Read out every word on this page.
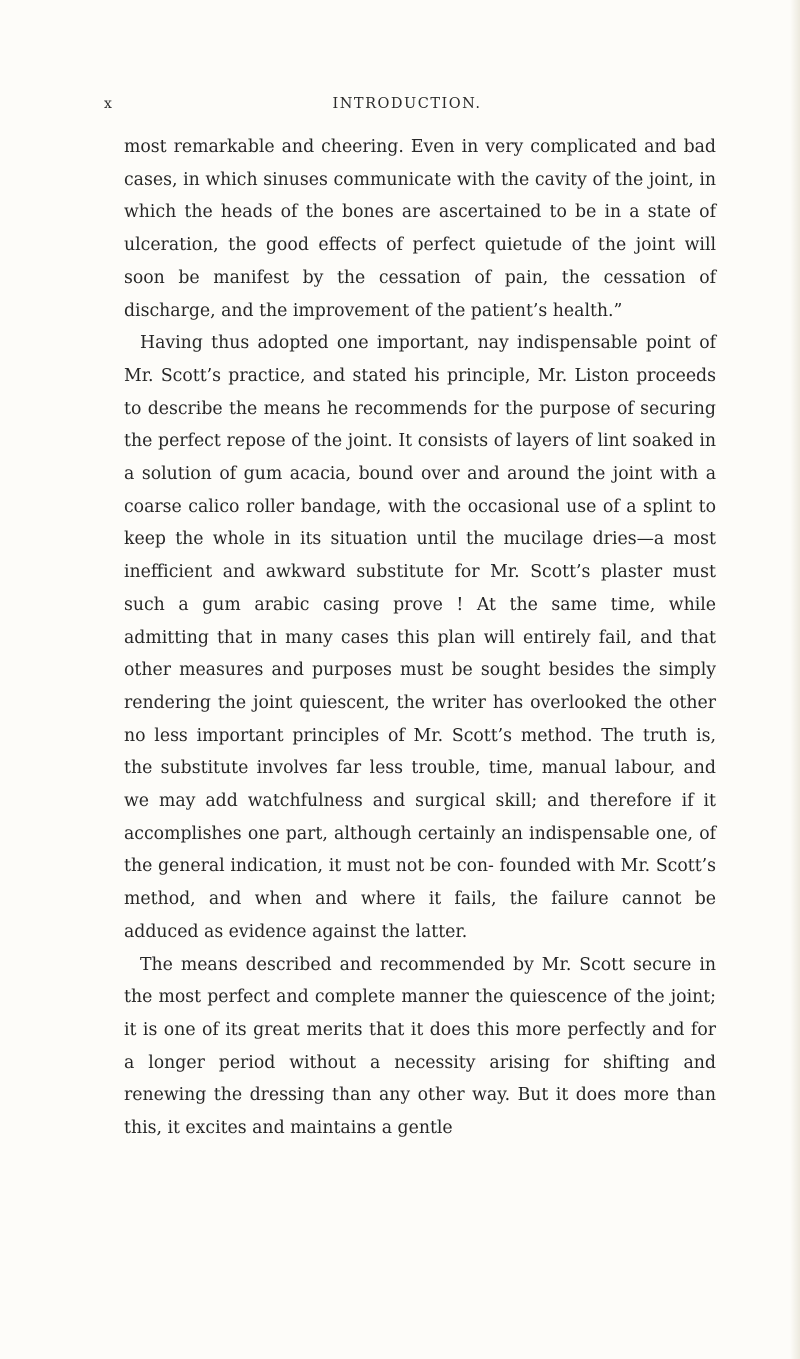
x	INTRODUCTION.

most remarkable and cheering. Even in very complicated and bad cases, in which sinuses communicate with the cavity of the joint, in which the heads of the bones are ascertained to be in a state of ulceration, the good effects of perfect quietude of the joint will soon be manifest by the cessation of pain, the cessation of discharge, and the improvement of the patient’s health.”

Having thus adopted one important, nay indispensable point of Mr. Scott’s practice, and stated his principle, Mr. Liston proceeds to describe the means he recommends for the purpose of securing the perfect repose of the joint. It consists of layers of lint soaked in a solution of gum acacia, bound over and around the joint with a coarse calico roller bandage, with the occasional use of a splint to keep the whole in its situation until the mucilage dries—a most inefficient and awkward substitute for Mr. Scott’s plaster must such a gum arabic casing prove ! At the same time, while admitting that in many cases this plan will entirely fail, and that other measures and purposes must be sought besides the simply rendering the joint quiescent, the writer has overlooked the other no less important principles of Mr. Scott’s method. The truth is, the substitute involves far less trouble, time, manual labour, and we may add watchfulness and surgical skill; and therefore if it accomplishes one part, although certainly an indispensable one, of the general indication, it must not be con- founded with Mr. Scott’s method, and when and where it fails, the failure cannot be adduced as evidence against the latter.

The means described and recommended by Mr. Scott secure in the most perfect and complete manner the quiescence of the joint; it is one of its great merits that it does this more perfectly and for a longer period without a necessity arising for shifting and renewing the dressing than any other way. But it does more than this, it excites and maintains a gentle
